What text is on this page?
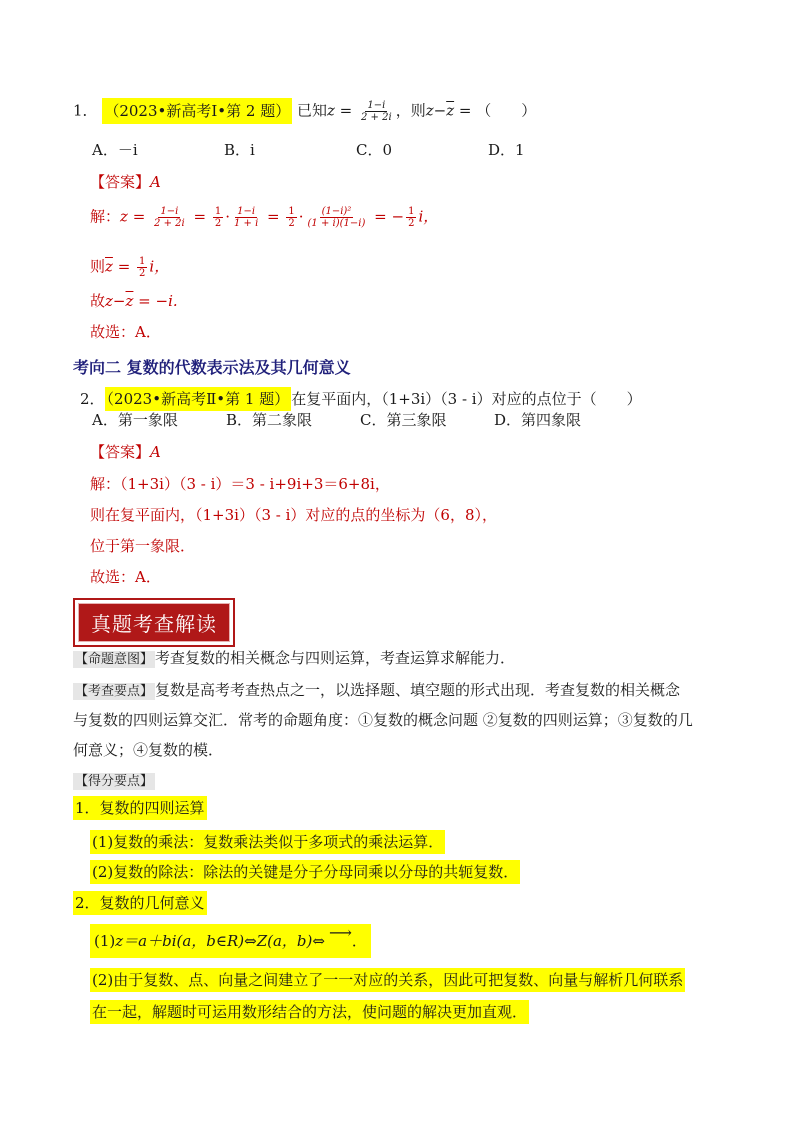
1． （2023•新高考Ⅰ•第 2 题） 已知$z = \frac{1-i}{2 + 2i}$ ，则$z-\overline{z}$ = （　　）
A．－i	B．i	C．0	D．1
【答案】A
解：$z = \frac{1-i}{2 + 2i} = \frac{1}{2} \cdot \frac{1-i}{1 + i} = \frac{1}{2} \cdot \frac{\text{(1−i)²}}{(1 + i)(1-i)}$ = − $\frac{1}{2}$ i，
则$\overline{z} = \frac{1}{2}$ i，
故$z-\overline{z} = -i$.
故选：A．
考向二 复数的代数表示法及其几何意义
2． （2023•新高考Ⅱ•第 1 题） 在复平面内，（1+3i）（3 - i）对应的点位于（　　）
A．第一象限	B．第二象限	C．第三象限	D．第四象限
【答案】A
解：（1+3i）（3 - i）＝3 - i+9i+3＝6+8i，
则在复平面内，（1+3i）（3 - i）对应的点的坐标为（6，8），
位于第一象限．
故选：A．
真题考查解读
【命题意图】 考查复数的相关概念与四则运算，考查运算求解能力．
【考查要点】 复数是高考考查热点之一，以选择题、填空题的形式出现．考查复数的相关概念
与复数的四则运算交汇．常考的命题角度：①复数的概念问题 ②复数的四则运算；③复数的几
何意义；④复数的模．
【得分要点】
1．复数的四则运算
(1)复数的乘法：复数乘法类似于多项式的乘法运算．
(2)复数的除法：除法的关键是分子分母同乘以分母的共轭复数．
2．复数的几何意义
(1) z＝a＋bi(a，b∈R)⇔Z(a，b)⇔ ⟶ ．
(2)由于复数、点、向量之间建立了一一对应的关系，因此可把复数、向量与解析几何联系
在一起，解题时可运用数形结合的方法，使问题的解决更加直观．
